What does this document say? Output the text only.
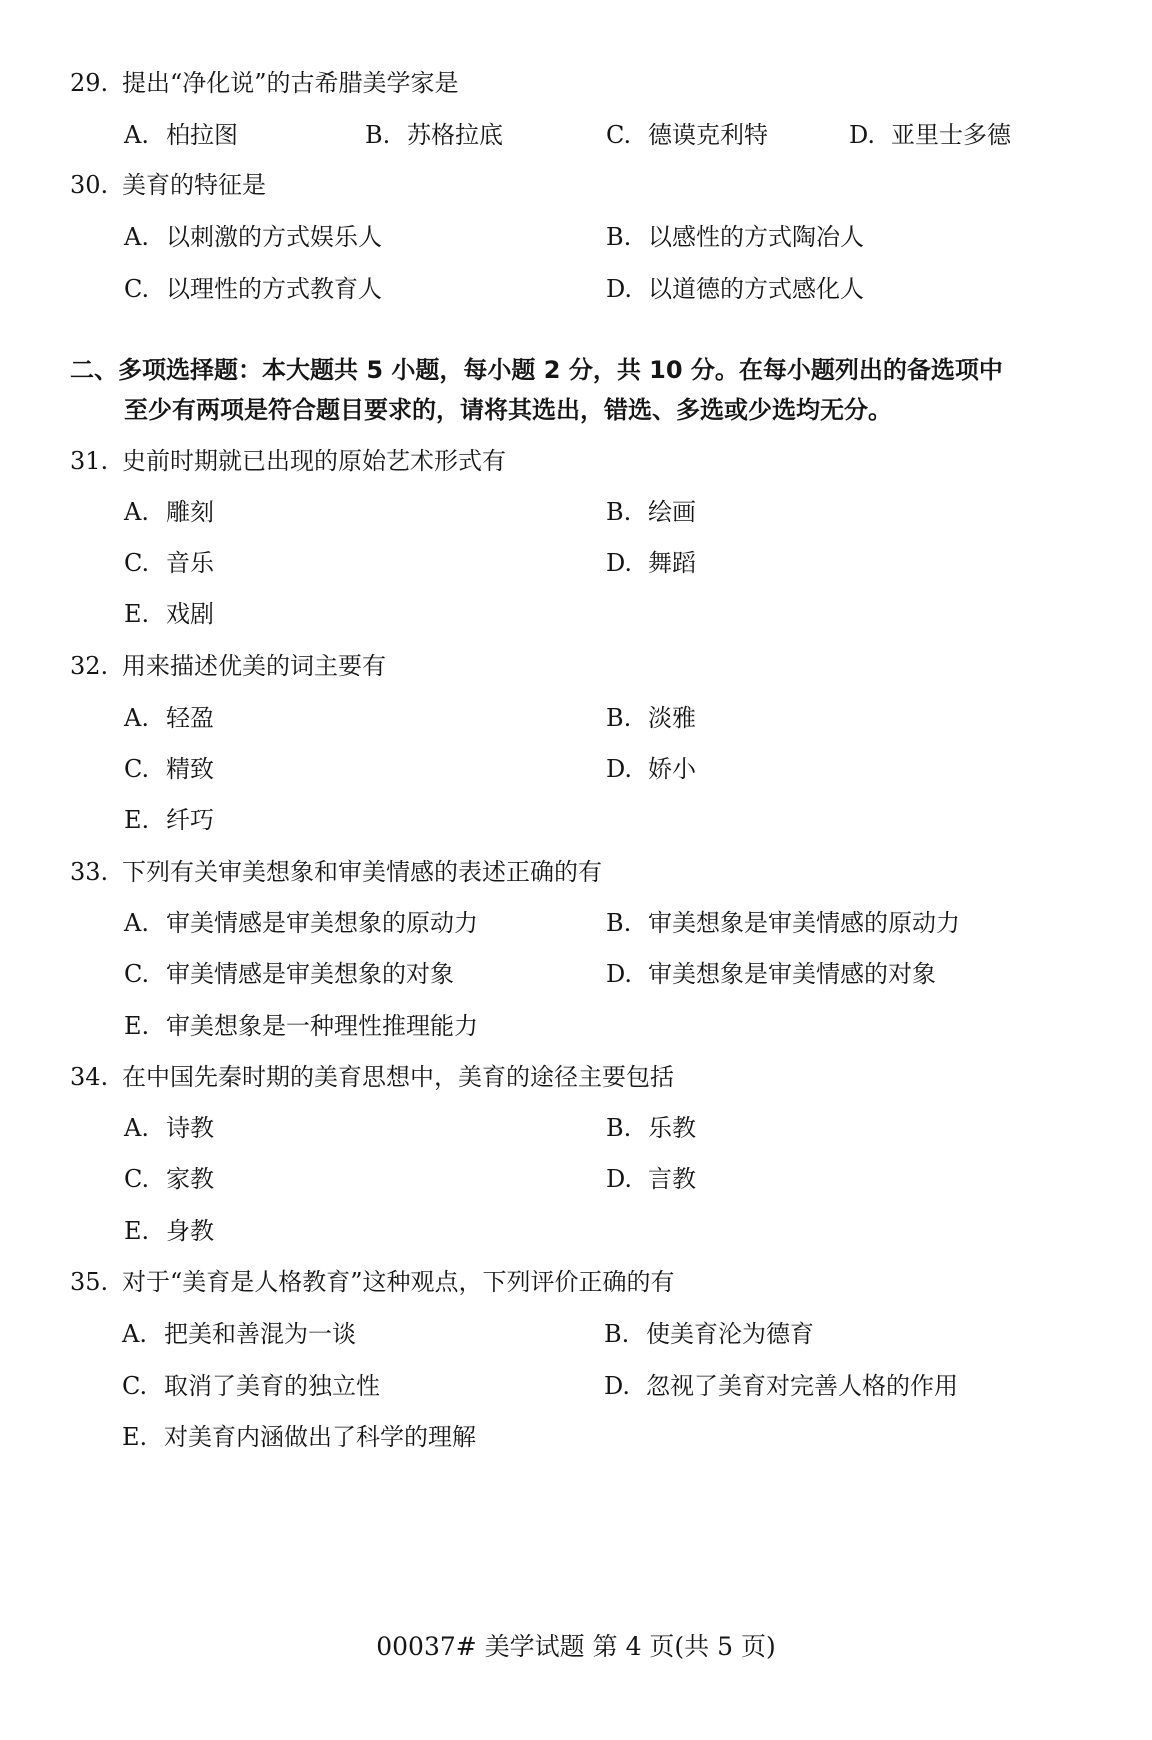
29. 提出“净化说”的古希腊美学家是
A. 柏拉图	B. 苏格拉底	C. 德谟克利特	D. 亚里士多德
30. 美育的特征是
A. 以刺激的方式娱乐人	B. 以感性的方式陶冶人
C. 以理性的方式教育人	D. 以道德的方式感化人
二、多项选择题：本大题共 5 小题，每小题 2 分，共 10 分。在每小题列出的备选项中
至少有两项是符合题目要求的，请将其选出，错选、多选或少选均无分。
31. 史前时期就已出现的原始艺术形式有
A. 雕刻	B. 绘画
C. 音乐	D. 舞蹈
E. 戏剧
32. 用来描述优美的词主要有
A. 轻盈	B. 淡雅
C. 精致	D. 娇小
E. 纤巧
33. 下列有关审美想象和审美情感的表述正确的有
A. 审美情感是审美想象的原动力	B. 审美想象是审美情感的原动力
C. 审美情感是审美想象的对象	D. 审美想象是审美情感的对象
E. 审美想象是一种理性推理能力
34. 在中国先秦时期的美育思想中，美育的途径主要包括
A. 诗教	B. 乐教
C. 家教	D. 言教
E. 身教
35. 对于“美育是人格教育”这种观点，下列评价正确的有
A. 把美和善混为一谈	B. 使美育沦为德育
C. 取消了美育的独立性	D. 忽视了美育对完善人格的作用
E. 对美育内涵做出了科学的理解
00037# 美学试题 第 4 页(共 5 页)
